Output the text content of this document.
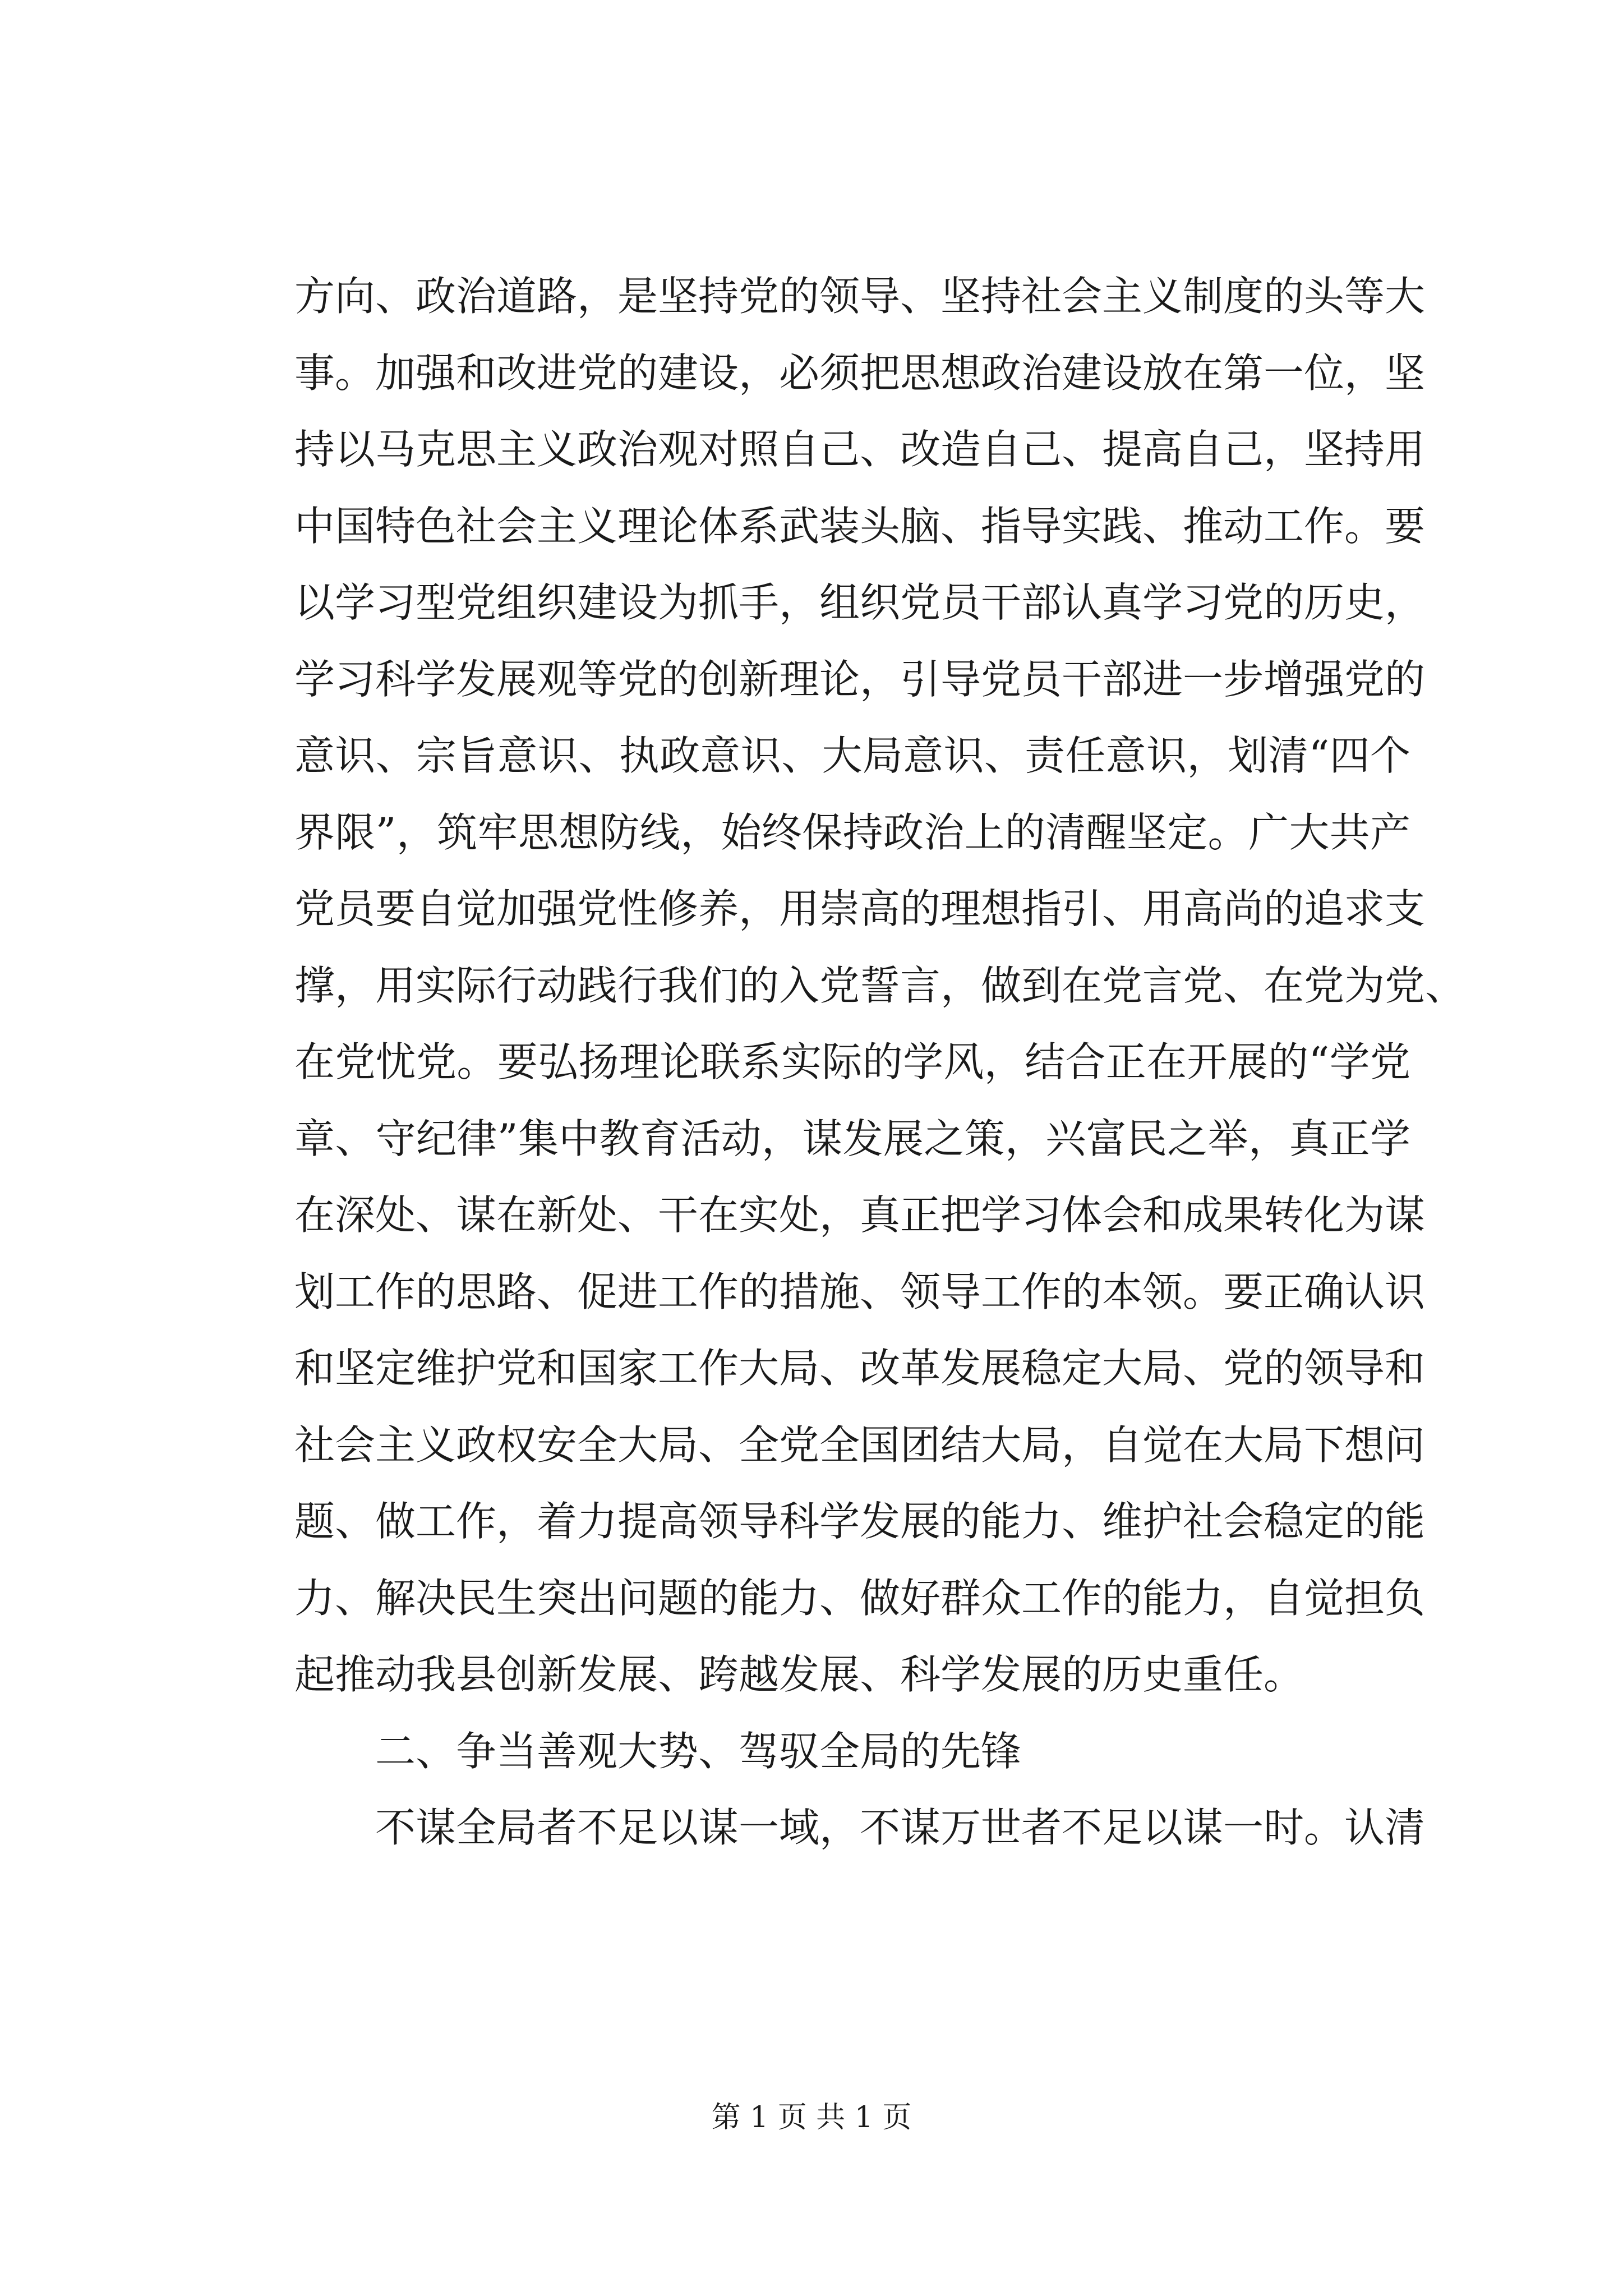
方向、政治道路，是坚持党的领导、坚持社会主义制度的头等大
事。加强和改进党的建设，必须把思想政治建设放在第一位，坚
持以马克思主义政治观对照自己、改造自己、提高自己，坚持用
中国特色社会主义理论体系武装头脑、指导实践、推动工作。要
以学习型党组织建设为抓手，组织党员干部认真学习党的历史，
学习科学发展观等党的创新理论，引导党员干部进一步增强党的
意识、宗旨意识、执政意识、大局意识、责任意识，划清“四个
界限”，筑牢思想防线，始终保持政治上的清醒坚定。广大共产
党员要自觉加强党性修养，用崇高的理想指引、用高尚的追求支
撑，用实际行动践行我们的入党誓言，做到在党言党、在党为党、
在党忧党。要弘扬理论联系实际的学风，结合正在开展的“学党
章、守纪律”集中教育活动，谋发展之策，兴富民之举，真正学
在深处、谋在新处、干在实处，真正把学习体会和成果转化为谋
划工作的思路、促进工作的措施、领导工作的本领。要正确认识
和坚定维护党和国家工作大局、改革发展稳定大局、党的领导和
社会主义政权安全大局、全党全国团结大局，自觉在大局下想问
题、做工作，着力提高领导科学发展的能力、维护社会稳定的能
力、解决民生突出问题的能力、做好群众工作的能力，自觉担负
起推动我县创新发展、跨越发展、科学发展的历史重任。
二、争当善观大势、驾驭全局的先锋
不谋全局者不足以谋一域，不谋万世者不足以谋一时。认清
第 1 页 共 1 页
